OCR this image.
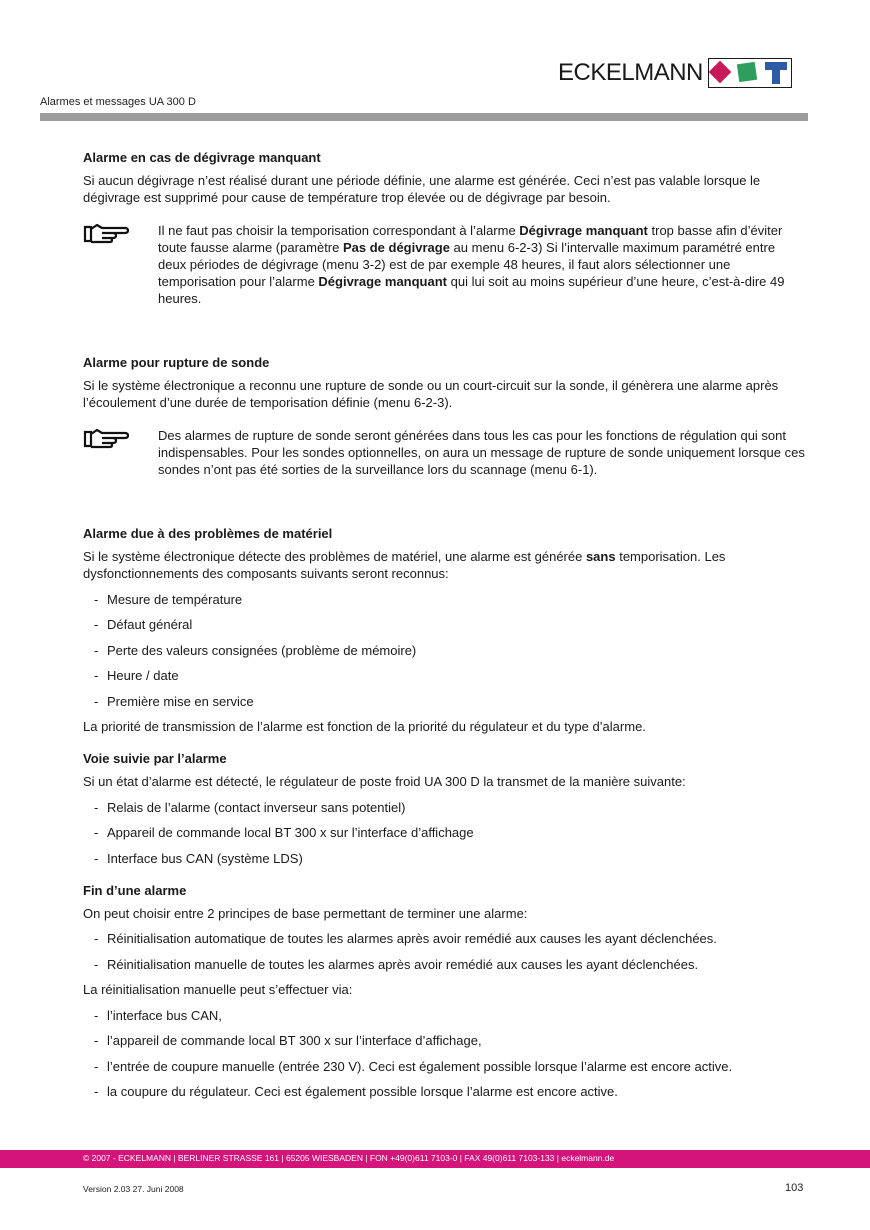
ECKELMANN
Alarmes et messages UA 300 D
Alarme en cas de dégivrage manquant

Si aucun dégivrage n’est réalisé durant une période définie, une alarme est générée. Ceci n’est pas valable lorsque le dégivrage est supprimé pour cause de température trop élevée ou de dégivrage par besoin.

Il ne faut pas choisir la temporisation correspondant à l’alarme Dégivrage manquant trop basse afin d’éviter toute fausse alarme (paramètre Pas de dégivrage au menu 6-2-3) Si l’intervalle maximum paramétré entre deux périodes de dégivrage (menu 3-2) est de par exemple 48 heures, il faut alors sélectionner une temporisation pour l’alarme Dégivrage manquant qui lui soit au moins supérieur d’une heure, c’est-à-dire 49 heures.
Alarme pour rupture de sonde

Si le système électronique a reconnu une rupture de sonde ou un court-circuit sur la sonde, il génèrera une alarme après l’écoulement d’une durée de temporisation définie (menu 6-2-3).

Des alarmes de rupture de sonde seront générées dans tous les cas pour les fonctions de régulation qui sont indispensables. Pour les sondes optionnelles, on aura un message de rupture de sonde uniquement lorsque ces sondes n’ont pas été sorties de la surveillance lors du scannage (menu 6-1).
Alarme due à des problèmes de matériel

Si le système électronique détecte des problèmes de matériel, une alarme est générée sans temporisation. Les dysfonctionnements des composants suivants seront reconnus:

- Mesure de température
- Défaut général
- Perte des valeurs consignées (problème de mémoire)
- Heure / date
- Première mise en service

La priorité de transmission de l’alarme est fonction de la priorité du régulateur et du type d’alarme.

Voie suivie par l’alarme

Si un état d’alarme est détecté, le régulateur de poste froid UA 300 D la transmet de la manière suivante:

- Relais de l’alarme (contact inverseur sans potentiel)
- Appareil de commande local BT 300 x sur l’interface d’affichage
- Interface bus CAN (système LDS)
Fin d’une alarme

On peut choisir entre 2 principes de base permettant de terminer une alarme:

- Réinitialisation automatique de toutes les alarmes après avoir remédié aux causes les ayant déclenchées.
- Réinitialisation manuelle de toutes les alarmes après avoir remédié aux causes les ayant déclenchées.

La réinitialisation manuelle peut s’effectuer via:

- l’interface bus CAN,
- l’appareil de commande local BT 300 x sur l’interface d’affichage,
- l’entrée de coupure manuelle (entrée 230 V). Ceci est également possible lorsque l’alarme est encore active.
- la coupure du régulateur. Ceci est également possible lorsque l’alarme est encore active.
© 2007 - ECKELMANN | BERLINER STRASSE 161 | 65205 WIESBADEN | FON +49(0)611 7103-0 | FAX 49(0)611 7103-133 | eckelmann.de
Version 2.03 27. Juni 2008	103
